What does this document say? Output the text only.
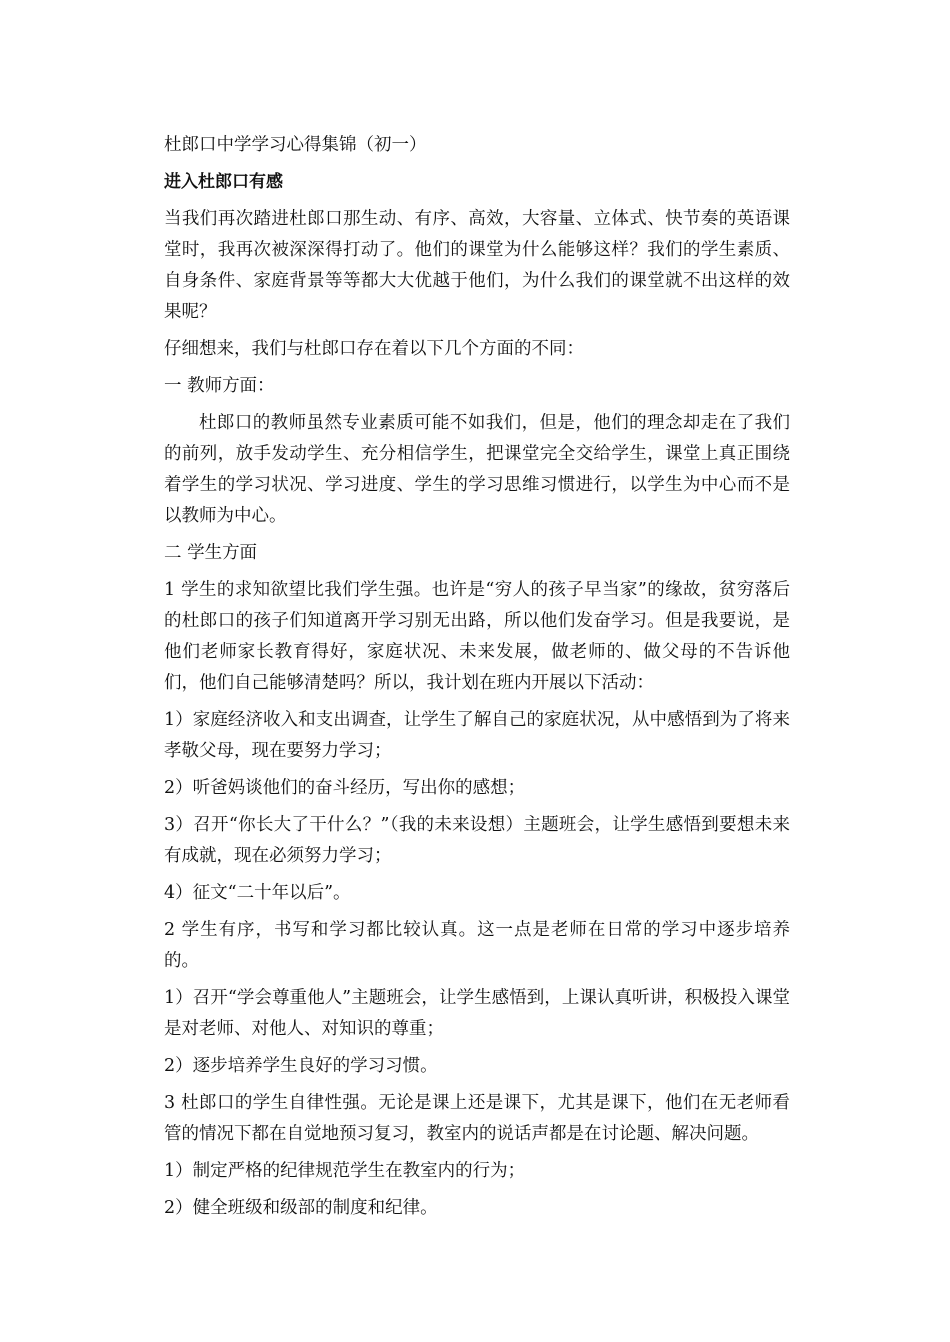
杜郎口中学学习心得集锦（初一）

进入杜郎口有感

当我们再次踏进杜郎口那生动、有序、高效，大容量、立体式、快节奏的英语课堂时，我再次被深深得打动了。他们的课堂为什么能够这样？我们的学生素质、自身条件、家庭背景等等都大大优越于他们，为什么我们的课堂就不出这样的效果呢？

仔细想来，我们与杜郎口存在着以下几个方面的不同：

一 教师方面：

杜郎口的教师虽然专业素质可能不如我们，但是，他们的理念却走在了我们的前列，放手发动学生、充分相信学生，把课堂完全交给学生，课堂上真正围绕着学生的学习状况、学习进度、学生的学习思维习惯进行，以学生为中心而不是以教师为中心。

二 学生方面

1 学生的求知欲望比我们学生强。也许是“穷人的孩子早当家”的缘故，贫穷落后的杜郎口的孩子们知道离开学习别无出路，所以他们发奋学习。但是我要说，是他们老师家长教育得好，家庭状况、未来发展，做老师的、做父母的不告诉他们，他们自己能够清楚吗？所以，我计划在班内开展以下活动：

1）家庭经济收入和支出调查，让学生了解自己的家庭状况，从中感悟到为了将来孝敬父母，现在要努力学习；

2）听爸妈谈他们的奋斗经历，写出你的感想；

3）召开“你长大了干什么？”（我的未来设想）主题班会，让学生感悟到要想未来有成就，现在必须努力学习；

4）征文“二十年以后”。

2 学生有序，书写和学习都比较认真。这一点是老师在日常的学习中逐步培养的。

1）召开“学会尊重他人”主题班会，让学生感悟到，上课认真听讲，积极投入课堂是对老师、对他人、对知识的尊重；

2）逐步培养学生良好的学习习惯。

3 杜郎口的学生自律性强。无论是课上还是课下，尤其是课下，他们在无老师看管的情况下都在自觉地预习复习，教室内的说话声都是在讨论题、解决问题。

1）制定严格的纪律规范学生在教室内的行为；

2）健全班级和级部的制度和纪律。
